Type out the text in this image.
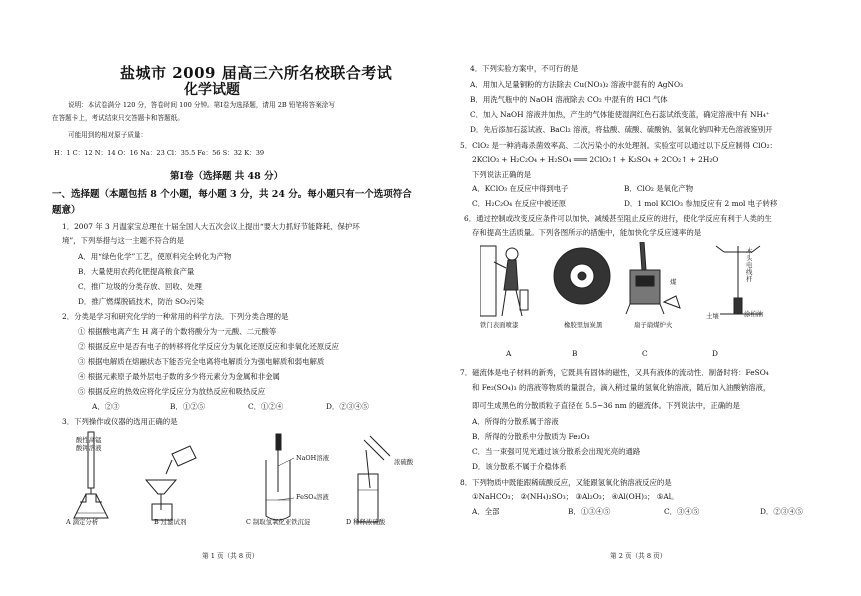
盐城市 2009 届高三六所名校联合考试
化学试题
说明：本试卷满分 120 分，答卷时间 100 分钟。第Ⅰ卷为选择题，请用 2B 铅笔将答案涂写
在答题卡上，考试结束只交答题卡和答题纸。
可能用到的相对原子质量：
H：1 C：12 N：14 O：16 Na：23 Cl：35.5 Fe：56 S：32 K：39
第Ⅰ卷（选择题 共 48 分）
一、选择题（本题包括 8 个小题，每小题 3 分，共 24 分。每小题只有一个选项符合
题意）
1．2007 年 3 月温家宝总理在十届全国人大五次会议上提出“要大力抓好节能降耗、保护环
境”，下列举措与这一主题不符合的是
A．用“绿色化学”工艺，使原料完全转化为产物
B．大量使用农药化肥提高粮食产量
C．推广垃圾的分类存放、回收、处理
D．推广燃煤脱硫技术，防治 SO₂污染
2．分类是学习和研究化学的一种常用的科学方法．下列分类合理的是
① 根据酸电离产生 H 离子的个数将酸分为一元酸、二元酸等
② 根据反应中是否有电子的转移将化学反应分为氧化还原反应和非氧化还原反应
③ 根据电解质在熔融状态下能否完全电离将电解质分为强电解质和弱电解质
④ 根据元素原子最外层电子数的多少将元素分为金属和非金属
⑤ 根据反应的热效应将化学反应分为放热反应和吸热反应
A．②③	B．①②⑤	C．①②④	D．②③④⑤
3．下列操作或仪器的选用正确的是
酸性高锰
酸钾溶液
NaOH溶液
FeSO₄溶液
浓硫酸
A 滴定分析	B 过滤试剂	C 制取氢氧化亚铁沉淀	D 稀释浓硫酸
第 1 页（共 8 页）
4．下列实验方案中，不可行的是
A．用加入足量铜粉的方法除去 Cu(NO₃)₂ 溶液中混有的 AgNO₃
B．用洗气瓶中的 NaOH 溶液除去 CO₂ 中混有的 HCl 气体
C．加入 NaOH 溶液并加热，产生的气体能使湿润红色石蕊试纸变蓝，确定溶液中有 NH₄⁺
D．先后添加石蕊试液、BaCl₂ 溶液，将盐酸、硫酸、硫酸钠、氢氧化钠四种无色溶液鉴别开
5．ClO₂ 是一种消毒杀菌效率高、二次污染小的水处理剂。实验室可以通过以下反应制得 ClO₂：
2KClO₃ + H₂C₂O₄ + H₂SO₄ ═══ 2ClO₂↑ + K₂SO₄ + 2CO₂↑ + 2H₂O
下列说法正确的是
A．KClO₃ 在反应中得到电子	B．ClO₂ 是氧化产物
C．H₂C₂O₄ 在反应中被还原	D．1 mol KClO₃ 参加反应有 2 mol 电子转移
6．通过控制或改变反应条件可以加快、减缓甚至阻止反应的进行，使化学反应有利于人类的生
存和提高生活质量。下列各图所示的措施中，能加快化学反应速率的是
铁门表面喷漆	橡胶里加炭黑	扇子扇煤炉火
土壤
煤
涂柏油
木
头
电
线
杆
A	B	C	D
7．磁流体是电子材料的新秀，它既具有固体的磁性，又具有液体的流动性．制备时将：FeSO₄
和 Fe₂(SO₄)₃ 的溶液等物质的量混合，滴入稍过量的氢氧化钠溶液，随后加入油酸钠溶液，
即可生成黑色的分散质粒子直径在 5.5~36 nm 的磁流体。下列说法中，正确的是
A．所得的分散系属于溶液
B．所得的分散系中分散质为 Fe₂O₃
C．当一束强可见光通过该分散系会出现光亮的通路
D．该分散系不属于介稳体系
8．下列物质中既能跟稀硫酸反应，又能跟氢氧化钠溶液反应的是
①NaHCO₃； ②(NH₄)₂SO₃； ③Al₂O₃； ④Al(OH)₃； ⑤Al。
A．全部	B．①③④⑤	C．③④⑤	D．②③④⑤
第 2 页（共 8 页）
